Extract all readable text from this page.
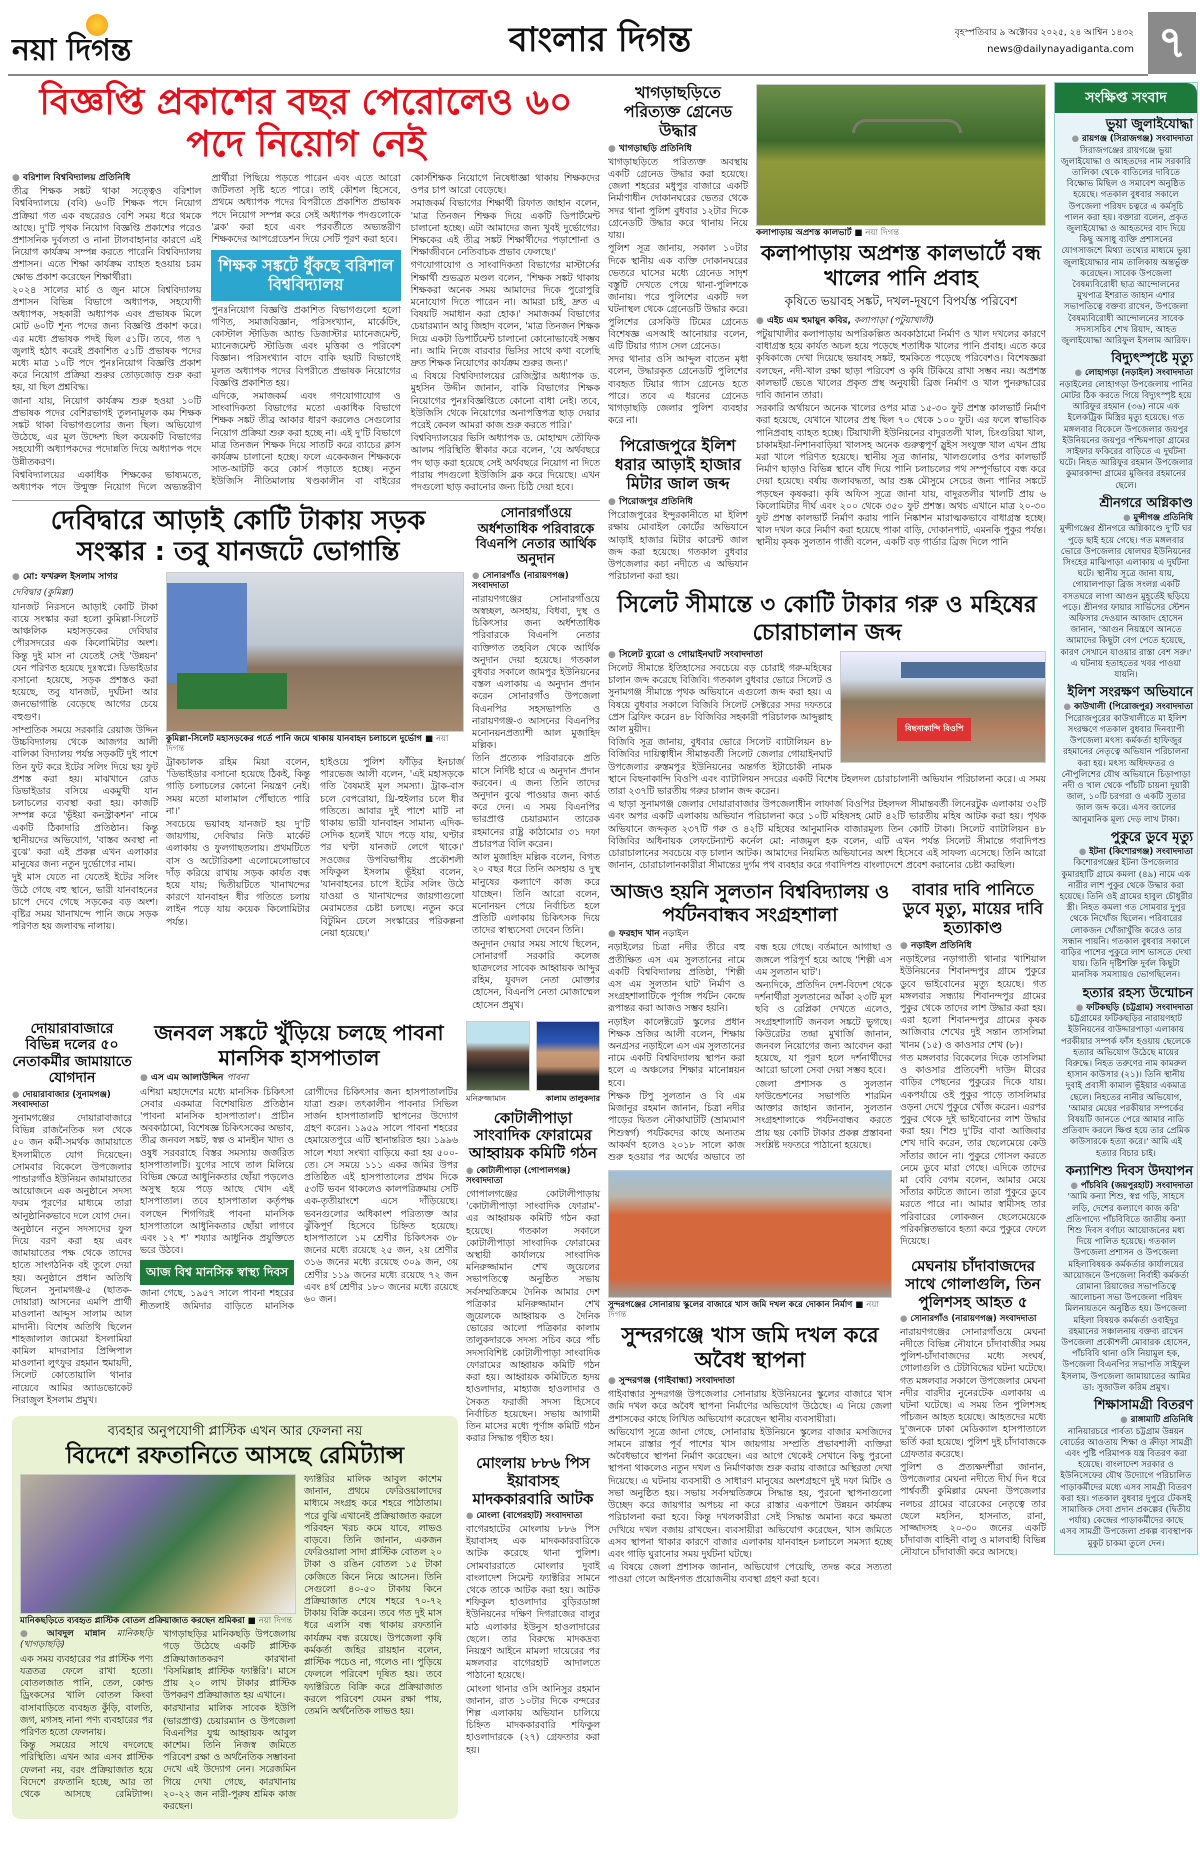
নয়া দিগন্ত	বাংলার দিগন্ত	বৃহস্পতিবার ৯ অক্টোবর ২০২৫, ২৪ আশ্বিন ১৪৩২
news@dailynayadiganta.com ৭
বিজ্ঞপ্তি প্রকাশের বছর পেরোলেও ৬০ পদে নিয়োগ নেই
● বরিশাল বিশ্ববিদ্যালয় প্রতিনিধি

তীব্র শিক্ষক সঙ্কট থাকা সত্ত্বেও বরিশাল বিশ্ববিদ্যালয়ে (ববি) ৬০টি শিক্ষক পদে নিয়োগ প্রক্রিয়া গত এক বছরেরও বেশি সময় ধরে থমকে আছে। দু'টি পৃথক নিয়োগ বিজ্ঞপ্তি প্রকাশের পরেও প্রশাসনিক দুর্বলতা ও নানা টালবাহানার কারণে এই নিয়োগ কার্যক্রম সম্পন্ন করতে পারেনি বিশ্ববিদ্যালয় প্রশাসন। এতে শিক্ষা কার্যক্রম ব্যাহত হওয়ায় চরম ক্ষোভ প্রকাশ করেছেন শিক্ষার্থীরা।

২০২৪ সালের মার্চ ও জুন মাসে বিশ্ববিদ্যালয় প্রশাসন বিভিন্ন বিভাগে অধ্যাপক, সহযোগী অধ্যাপক, সহকারী অধ্যাপক এবং প্রভাষক মিলে মোট ৬০টি শূন্য পদের জন্য বিজ্ঞপ্তি প্রকাশ করে। এর মধ্যে প্রভাষক পদই ছিল ৫১টি। তবে, গত ৭ জুলাই হঠাৎ করেই প্রকাশিত ৫১টি প্রভাষক পদের মধ্যে মাত্র ১০টি পদে পুনঃনিয়োগ বিজ্ঞপ্তি প্রকাশ করে নিয়োগ প্রক্রিয়া শুরুর তোড়জোড় শুরু করা হয়, যা ছিল প্রশ্নবিদ্ধ।

জানা যায়, নিয়োগ কার্যক্রম শুরু হওয়া ১০টি প্রভাষক পদের বেশিরভাগই তুলনামূলক কম শিক্ষক সঙ্কট থাকা বিভাগগুলোর জন্য ছিল। অভিযোগ উঠেছে, এর মূল উদ্দেশ্য ছিল কয়েকটি বিভাগের সহযোগী অধ্যাপকদের পদোন্নতি দিয়ে অধ্যাপক পদে উন্নীতকরণ।

বিশ্ববিদ্যালয়ের একাধিক শিক্ষকের ভাষ্যমতে, অধ্যাপক পদে উন্মুক্ত নিয়োগ দিলে অভ্যন্তরীণ প্রার্থীরা পিছিয়ে পড়তে পারেন এবং এতে আরো জটিলতা সৃষ্টি হতে পারে। তাই কৌশল হিসেবে, প্রথমে অধ্যাপক পদের বিপরীতে প্রকাশিত প্রভাষক পদে নিয়োগ সম্পন্ন করে সেই অধ্যাপক পদগুলোকে 'ব্লক' করা হবে এবং পরবর্তীতে অভ্যন্তরীণ শিক্ষকদের আপগ্রেডেশন দিয়ে সেটি পূরণ করা হবে।

শিক্ষক সঙ্কটে ধুঁকছে বরিশাল বিশ্ববিদ্যালয়

পুনঃনিয়োগ বিজ্ঞপ্তি প্রকাশিত বিভাগগুলো হলো গণিত, সমাজবিজ্ঞান, পরিসংখ্যান, মার্কেটিং, কোস্টাল স্টাডিজ অ্যান্ড ডিজাস্টার ম্যানেজমেন্ট, ম্যানেজমেন্ট স্টাডিজ এবং মৃত্তিকা ও পরিবেশ বিজ্ঞান। পরিসংখ্যান বাদে বাকি ছয়টি বিভাগেই মূলত অধ্যাপক পদের বিপরীতে প্রভাষক নিয়োগের বিজ্ঞপ্তি প্রকাশিত হয়।

এদিকে, সমাজকর্ম এবং গণযোগাযোগ ও সাংবাদিকতা বিভাগের মতো একাধিক বিভাগে শিক্ষক সঙ্কট তীব্র আকার ধারণ করলেও সেগুলোর নিয়োগ প্রক্রিয়া শুরু করা হচ্ছে না। এই দু'টি বিভাগে মাত্র তিনজন শিক্ষক দিয়ে সাতটি করে ব্যাচের ক্লাস কার্যক্রম চালানো হচ্ছে। ফলে একেকজন শিক্ষককে সাত-আটটি করে কোর্স পড়াতে হচ্ছে। নতুন ইউজিসি নীতিমালায় খণ্ডকালীন বা বাইরের কোর্সশিক্ষক নিয়োগে নিষেধাজ্ঞা থাকায় শিক্ষকদের ওপর চাপ আরো বেড়েছে।

সমাজকর্ম বিভাগের শিক্ষার্থী রিফাত জাহান বলেন, 'মাত্র তিনজন শিক্ষক দিয়ে একটি ডিপার্টমেন্ট চালানো হচ্ছে। এটা আমাদের জন্য খুবই দুর্ভোগের। শিক্ষকের এই তীব্র সঙ্কট শিক্ষার্থীদের পড়াশোনা ও শিক্ষাজীবনে নেতিবাচক প্রভাব ফেলছে।'

গণযোগাযোগ ও সাংবাদিকতা বিভাগের মাস্টার্সের শিক্ষার্থী শুভব্রত মণ্ডল বলেন, 'শিক্ষক সঙ্কট থাকায় শিক্ষকরা অনেক সময় আমাদের দিকে পুরোপুরি মনোযোগ দিতে পারেন না। আমরা চাই, দ্রুত এ বিষয়টি সমাধান করা হোক।' সমাজকর্ম বিভাগের চেয়ারম্যান আবু জিহাদ বলেন, 'মাত্র তিনজন শিক্ষক দিয়ে একটা ডিপার্টমেন্ট চালানো কোনোভাবেই সম্ভব না। আমি নিজে বারবার ভিসির সাথে কথা বলেছি দ্রুত শিক্ষক নিয়োগের কার্যক্রম শুরুর জন্য।'

এ বিষয়ে বিশ্ববিদ্যালয়ের রেজিস্ট্রার অধ্যাপক ড. মুহসিন উদ্দীন জানান, বাকি বিভাগের শিক্ষক নিয়োগের পুনঃবিজ্ঞপ্তিতে কোনো বাধা নেই। তবে, ইউজিসি থেকে নিয়োগের অনাপত্তিপত্র ছাড় দেয়ার পরেই কেবল আমরা কাজ শুরু করতে পারি।'

বিশ্ববিদ্যালয়ের ভিসি অধ্যাপক ড. মোহাম্মদ তৌফিক আলম পরিস্থিতি স্বীকার করে বলেন, 'যে অর্থবছরে পদ ছাড় করা হয়েছে সেই অর্থবছরে নিয়োগ না দিতে পারায় পদগুলো ইউজিসি ব্লক করে দিয়েছে। এখন পদগুলো ছাড় করানোর জন্য চিঠি দেয়া হবে।

দেবিদ্বারে আড়াই কোটি টাকায় সড়ক সংস্কার : তবু যানজটে ভোগান্তি
● মো: ফখরুল ইসলাম সাগর
দেবিদ্বার (কুমিল্লা)

যানজট নিরসনে আড়াই কোটি টাকা ব্যয়ে সংস্কার করা হলো কুমিল্লা-সিলেট আঞ্চলিক মহাসড়কের দেবিদ্বার পৌরসদরের এক কিলোমিটার অংশ। কিন্তু দুই মাস না যেতেই সেই 'উন্নয়ন' যেন পরিণত হয়েছে দুঃস্বপ্নে। ডিভাইডার বসানো হয়েছে, সড়ক প্রশস্তও করা হয়েছে, তবু যানজট, দুর্ঘটনা আর জনভোগান্তি বেড়েছে আগের চেয়ে বহুগুণ।

সাম্প্রতিক সময়ে সরকারি রেয়াজ উদ্দিন উচ্চবিদ্যালয় থেকে আজগর আলী বালিকা বিদ্যালয় পর্যন্ত সড়কটি দুই পাশে তিন ফুট করে ইটের সলিং দিয়ে ছয় ফুট প্রশস্ত করা হয়। মাঝখানে রোড ডিভাইডার বসিয়ে একমুখী যান চলাচলের ব্যবস্থা করা হয়। কাজটি সম্পন্ন করে 'ভূঁইয়া কনস্ট্রাকশন' নামে একটি ঠিকাদারি প্রতিষ্ঠান। কিন্তু স্থানীয়দের অভিযোগ, 'বাস্তব অবস্থা না বুঝে' করা এই প্রকল্প এখন এলাকার মানুষের জন্য নতুন দুর্ভোগের নাম।

দুই মাস যেতে না যেতেই ইটের সলিং উঠে গেছে বহু স্থানে, ভারী যানবাহনের চাপে দেবে গেছে সড়কের বড় অংশ। বৃষ্টির সময় খানাখন্দে পানি জমে সড়ক পরিণত হয় জলাবদ্ধ নালায়।

কুমিল্লা-সিলেট মহাসড়কের গর্তে পানি জমে থাকায় যানবাহন চলাচলে দুর্ভোগ ■ নয়া দিগন্ত

ট্রাকচালক রহিম মিয়া বলেন, 'ডিভাইডার বসানো হয়েছে ঠিকই, কিন্তু গাড়ি চলাচলের কোনো নিয়ন্ত্রণ নেই। সময় মতো মালামাল পৌঁছাতে পারি না।'

সবচেয়ে ভয়াবহ যানজট হয় দু'টি জায়গায়, দেবিদ্বার নিউ মার্কেট এলাকায় ও ফুলগাছতলায়। প্রথমটিতে বাস ও অটোরিকশা এলোমেলোভাবে দাঁড় করিয়ে রাখায় সড়ক কার্যত বন্ধ হয়ে যায়; দ্বিতীয়টিতে খানাখন্দের কারণে যানবাহন ধীর গতিতে চলায় লাইন পড়ে যায় কয়েক কিলোমিটার পর্যন্ত।

হাইওয়ে পুলিশ ফাঁড়ির ইনচার্জ পারভেজ আলী বলেন, 'এই মহাসড়কে গতি বৈষম্যই মূল সমস্যা। ট্রাক-বাস চলে বেপরোয়া, থ্রি-হুইলার চলে ধীর গতিতে। আবার দুই পাশে মাটি না থাকায় ভারী যানবাহন সামান্য এদিক-সেদিক হলেই খাদে পড়ে যায়, ঘণ্টার পর ঘণ্টা যানজট লেগে থাকে।' সওজের উপবিভাগীয় প্রকৌশলী সফিকুল ইসলাম ভূঁইয়া বলেন, 'যানবাহনের চাপে ইটের সলিং উঠে যাওয়া ও খানাখন্দের জায়গাগুলো মেরামতের চেষ্টা চলছে। নতুন করে বিটুমিন ঢেলে সংস্কারের পরিকল্পনা নেয়া হয়েছে।'

সোনারগাঁওয়ে অর্ধশতাধিক পরিবারকে বিএনপি নেতার আর্থিক অনুদান
● সোনারগাঁও (নারায়ণগঞ্জ) সংবাদদাতা

নারায়ণগঞ্জের সোনারগাঁওয়ে অস্বচ্ছল, অসহায়, বিধবা, দুস্থ ও চিকিৎসার জন্য অর্ধশতাধিক পরিবারকে বিএনপি নেতার ব্যক্তিগত তহবিল থেকে আর্থিক অনুদান দেয়া হয়েছে। গতকাল বুধবার সকালে জামপুর ইউনিয়নের বস্তল এলাকায় এ অনুদান প্রদান করেন সোনারগাঁও উপজেলা বিএনপির সহসভাপতি ও নারায়ণগঞ্জ-৩ আসনের বিএনপির মনোনয়নপ্রত্যাশী আল মুজাহিদ মল্লিক।

তিনি প্রত্যেক পরিবারকে প্রতি মাসে নির্দিষ্ট হারে এ অনুদান প্রদান করবেন। এ জন্য তিনি তাদের অনুদান বুঝে পাওয়ার জন্য কার্ড করে দেন। এ সময় বিএনপির ভারপ্রাপ্ত চেয়ারম্যান তারেক রহমানের রাষ্ট্র কাঠামোর ৩১ দফা প্রচারপত্র বিলি করেন।

আল মুজাহিদ মল্লিক বলেন, বিগত ২০ বছর ধরে তিনি অসহায় ও দুস্থ মানুষের কল্যাণে কাজ করে যাচ্ছেন। তিনি আরো বলেন, মনোনয়ন পেয়ে নির্বাচিত হলে প্রতিটি এলাকায় চিকিৎসক দিয়ে তাদের স্বাস্থ্যসেবা দেবেন তিনি।

অনুদান দেয়ার সময় সাথে ছিলেন, সোনারগাঁ সরকারি কলেজ ছাত্রদলের সাবেক আহ্বায়ক আব্দুর রহিম, যুবদল নেতা মোক্তার হোসেন, বিএনপি নেতা মোজাম্মেল হোসেন প্রমুখ।

দোয়ারাবাজারে বিভিন্ন দলের ৫০ নেতাকর্মীর জামায়াতে যোগদান
● দোয়ারাবাজার (সুনামগঞ্জ) সংবাদদাতা

সুনামগঞ্জের দোয়ারাবাজারে বিভিন্ন রাজনৈতিক দল থেকে ৫০ জন কর্মী-সমর্থক জামায়াতে ইসলামীতে যোগ দিয়েছেন। সোমবার বিকেলে উপজেলার পান্ডারগাঁও ইউনিয়ন জামায়াতের আয়োজনে এক অনুষ্ঠানে সদস্য ফরম পূরণের মাধ্যমে তারা আনুষ্ঠানিকভাবে দলে যোগ দেন।

অনুষ্ঠানে নতুন সদস্যদের ফুল দিয়ে বরণ করা হয় এবং জামায়াতের পক্ষ থেকে তাদের হাতে সাংগঠনিক বই তুলে দেয়া হয়। অনুষ্ঠানে প্রধান অতিথি ছিলেন সুনামগঞ্জ-৫ (ছাতক-দোয়ারা) আসনের এমপি প্রার্থী মাওলানা আব্দুস সালাম আল মাদানী। বিশেষ অতিথি ছিলেন শাহজালাল জামেয়া ইসলামিয়া কামিল মাদরাসার প্রিন্সিপাল মাওলানা লুৎফুর রহমান হুমায়দী, সিলেট কোতোয়ালি থানার নায়েবে আমির অ্যাডভোকেট সিরাজুল ইসলাম প্রমুখ।

জনবল সঙ্কটে খুঁড়িয়ে চলছে পাবনা মানসিক হাসপাতাল
● এস এম আলাউদ্দিন পাবনা

এশিয়া মহাদেশের মধ্যে মানসিক চিকিৎসা সেবার একমাত্র বিশেষায়িত প্রতিষ্ঠান 'পাবনা মানসিক হাসপাতাল'। প্রাচীন অবকাঠামো, বিশেষজ্ঞ চিকিৎসকের অভাব, তীব্র জনবল সঙ্কট, স্বল্প ও মানহীন খাদ্য ও ওষুধ সরবরাহে বিস্তর সমস্যায় জর্জরিত হাসপাতালটি। যুগের সাথে তাল মিলিয়ে বিভিন্ন ক্ষেত্রে আধুনিকতার ছোঁয়া পড়লেও অসুস্থ হয়ে পড়ে আছে খোদ এই হাসপাতাল। তবে হাসপাতাল কর্তৃপক্ষ বলছেন শিগগিরই পাবনা মানসিক হাসপাতালে আধুনিকতার ছোঁয়া লাগবে এবং ১২ শ' শয্যার আধুনিক প্রযুক্তিতে ভরে উঠবে।

আজ বিশ্ব মানসিক স্বাস্থ্য দিবস

জানা গেছে, ১৯৫৭ সালে পাবনা শহরের শীতলাই জমিদার বাড়িতে মানসিক রোগীদের চিকিৎসার জন্য হাসপাতালটির যাত্রা শুরু। তৎকালীন পাবনার সিভিল সার্জন হাসপাতালটি স্থাপনের উদ্যোগ গ্রহণ করেন। ১৯৫৯ সালে পাবনা শহরের হেমায়েতপুরে এটি স্থানান্তরিত হয়। ১৯৯৬ সালে শয্যা সংখ্যা বাড়িয়ে করা হয় ৫০০-তে। সে সময়ে ১১১ একর জমির উপর প্রতিষ্ঠিত এই হাসপাতালের প্রথম দিকে ৫৩টি ভবন থাকলেও কালপরিক্রমায় সেটি এক-তৃতীয়াংশে এসে দাঁড়িয়েছে। ভবনগুলোর অধিকাংশ পরিত্যক্ত আর ঝুঁকিপূর্ণ হিসেবে চিহ্নিত হয়েছে। হাসপাতালে ১ম শ্রেণীর চিকিৎসক ৩৮ জনের মধ্যে রয়েছে ২৫ জন, ২য় শ্রেণীর ৩১৬ জনের মধ্যে রয়েছে ৩০৯ জন, ৩য় শ্রেণীর ১১৯ জনের মধ্যে রয়েছে ৭২ জন এবং ৪র্থ শ্রেণীর ১৮০ জনের মধ্যে রয়েছে ৬০ জন।

ব্যবহার অনুপযোগী প্লাস্টিক এখন আর ফেলনা নয়
বিদেশে রফতানিতে আসছে রেমিট্যান্স
মানিকছড়িতে ব্যবহৃত প্লাস্টিক বোতল প্রক্রিয়াজাত করছেন শ্রমিকরা ■ নয়া দিগন্ত
● আবদুল মান্নান মানিকছড়ি (খাগড়াছড়ি)

এক সময় ব্যবহারের পর প্লাস্টিক পণ্য যত্রতত্র ফেলে রাখা হতো। বোতলজাত পানি, তেল, কোল্ড ড্রিংকসের খালি বোতল কিংবা বাসাবাড়িতে ব্যবহৃত কুঁড়ি, বালতি, জগ, মগসহ নানা পণ্য ব্যবহারের পর পরিণত হতো ফেলনায়।

কিন্তু সময়ের সাথে বদলেছে পরিস্থিতি। এখন আর এসব প্লাস্টিক ফেলনা নয়, বরং প্রক্রিয়াজাত হয়ে বিদেশে রফতানি হচ্ছে, আর তা থেকে আসছে রেমিট্যান্স। খাগড়াছড়ির মানিকছড়ি উপজেলায় গড়ে উঠেছে একটি প্লাস্টিক প্রক্রিয়াজাতকরণ কারখানা 'বিসমিল্লাহ প্লাস্টিক ফ্যাক্টরি'। মাসে প্রায় ২০ লাখ টাকার প্লাস্টিক উপকরণ প্রক্রিয়াজাত হয় এখানে।

কারখানার মালিক সাবেক ইউপি (ভারপ্রাপ্ত) চেয়ারম্যান ও উপজেলা বিএনপির যুগ্ম আহ্বায়ক আবুল কাশেম। তিনি নিজস্ব জমিতে পরিবেশ রক্ষা ও অর্থনৈতিক সম্ভাবনা দেখে এই উদ্যোগ নেন। সরেজমিন গিয়ে দেখা গেছে, কারখানায় ২০-২২ জন নারী-পুরুষ শ্রমিক কাজ করছেন।

ফ্যাক্টরির মালিক আবুল কাশেম জানান, প্রথমে ফেরিওয়ালাদের মাধ্যমে সংগ্রহ করে শহরে পাঠাতাম। পরে বুঝি এখানেই প্রক্রিয়াজাত করলে পরিবহন খরচ কমে যাবে, লাভও বাড়বে। তিনি জানান, একজন ফেরিওয়ালা সাদা প্লাস্টিক বোতল ২০ টাকা ও রঙিন বোতল ১৫ টাকা কেজিতে কিনে নিয়ে আসেন। তিনি সেগুলো ৪০-৫০ টাকায় কিনে প্রক্রিয়াজাত শেষে শহরে ৭০-৭২ টাকায় বিক্রি করেন। তবে গত দুই মাস ধরে এলসি বন্ধ থাকায় রফতানি কার্যক্রম বন্ধ রয়েছে। উপজেলা কৃষি কর্মকর্তা জহির রায়হান বলেন, প্লাস্টিক পচেও না, গলেও না। পুড়িয়ে ফেললে পরিবেশ দূষিত হয়। তবে ফ্যাক্টরিতে বিক্রি করে প্রক্রিয়াজাত করলে পরিবেশ যেমন রক্ষা পায়, তেমনি অর্থনৈতিক লাভও হয়।

মনিরুজ্জামান	কালাম তালুকদার
কোটালীপাড়া সাংবাদিক ফোরামের আহ্বায়ক কমিটি গঠন
● কোটালীপাড়া (গোপালগঞ্জ) সংবাদদাতা

গোপালগঞ্জের কোটালীপাড়ায় 'কোটালীপাড়া সাংবাদিক ফোরাম'-এর আহ্বায়ক কমিটি গঠন করা হয়েছে। গতকাল সকালে কোটালীপাড়া সাংবাদিক ফোরামের অস্থায়ী কার্যালয়ে সাংবাদিক মনিরুজ্জামান শেখ জুয়েলের সভাপতিত্বে অনুষ্ঠিত সভায় সর্বসম্মতিক্রমে দৈনিক আমার দেশ পত্রিকার মনিরুজ্জামান শেখ জুয়েলকে আহ্বায়ক ও দৈনিক ভোরের আলো পত্রিকার কালাম তালুকদারকে সদস্য সচিব করে পাঁচ সদস্যবিশিষ্ট কোটালীপাড়া সাংবাদিক ফোরামের আহ্বায়ক কমিটি গঠন করা হয়। আহ্বায়ক কমিটিতে হৃদয় হাওলাদার, মাহ্যাজ হাওলাদার ও সৈকত ফরাজী সদস্য হিসেবে নির্বাচিত হয়েছেন। সভায় আগামী তিন মাসের মধ্যে পূর্ণাঙ্গ কমিটি গঠন করার সিদ্ধান্ত গৃহীত হয়।

মোংলায় ৮৮৬ পিস ইয়াবাসহ মাদককারবারি আটক
● মোংলা (বাগেরহাট) সংবাদদাতা

বাগেরহাটের মোংলায় ৮৮৬ পিস ইয়াবাসহ এক মাদককারবারিকে আটক করেছে থানা পুলিশ। সোমবাররাতে মোংলার দুবাই বাংলাদেশ সিমেন্ট ফ্যাক্টরির সামনে থেকে তাকে আটক করা হয়। আটক শফিকুল হাওলাদার বুড়িরডাঙ্গা ইউনিয়নের দক্ষিণ দিগরাজের বালুর মাঠ এলাকার ইউনুস হাওলাদারের ছেলে। তার বিরুদ্ধে মাদকদ্রব্য নিয়ন্ত্রণ আইনে মামলা দায়েরের পর মঙ্গলবার বাগেরহাট আদালতে পাঠানো হয়েছে।

মোংলা থানার ওসি আনিসুর রহমান জানান, রাত ১০টার দিকে বন্দরের শিল্প এলাকায় অভিযান চালিয়ে চিহ্নিত মাদককারবারি শফিকুল হাওলাদারকে (২৭) গ্রেফতার করা হয়।

খাগড়াছড়িতে পরিত্যক্ত গ্রেনেড উদ্ধার
● খাগড়াছড়ি প্রতিনিধি

খাগড়াছড়িতে পরিত্যক্ত অবস্থায় একটি গ্রেনেড উদ্ধার করা হয়েছে। জেলা শহরের মধুপুর বাজারে একটি নির্মাণাধীন দোকানঘরের ভেতর থেকে সদর থানা পুলিশ বুধবার ১২টার দিকে গ্রেনেডটি উদ্ধার করে থানায় নিয়ে যায়।

পুলিশ সূত্র জানায়, সকাল ১০টার দিকে স্থানীয় এক ব্যক্তি দোকানঘরের ভেতরে ঘাসের মধ্যে গ্রেনেড সাদৃশ বস্তুটি দেখতে পেয়ে থানা-পুলিশকে জানায়। পরে পুলিশের একটি দল ঘটনাস্থল থেকে গ্রেনেডটি উদ্ধার করে। পুলিশের রেসকিউ টিমের গ্রেনেড বিশেষজ্ঞ এসআই আনোয়ার বলেন, এটি টিয়ার গ্যাস সেল গ্রেনেড।

সদর থানার ওসি আব্দুল বাতেন মৃধা বলেন, উদ্ধারকৃত গ্রেনেডটি পুলিশের ব্যবহৃত টিয়ার গ্যাস গ্রেনেড হতে পারে। তবে এ ধরনের গ্রেনেড খাগড়াছড়ি জেলার পুলিশ ব্যবহার করে না।

পিরোজপুরে ইলিশ ধরার আড়াই হাজার মিটার জাল জব্দ
● পিরোজপুর প্রতিনিধি

পিরোজপুরের ইন্দুরকানীতে মা ইলিশ রক্ষায় মোবাইল কোর্টের অভিযানে আড়াই হাজার মিটার কারেন্ট জাল জব্দ করা হয়েছে। গতকাল বুধবার উপজেলার কচা নদীতে এ অভিযান পরিচালনা করা হয়।

কলাপাড়ায় অপ্রশস্ত কালভার্ট ■ নয়া দিগন্ত
কলাপাড়ায় অপ্রশস্ত কালভার্টে বন্ধ খালের পানি প্রবাহ
কৃষিতে ভয়াবহ সঙ্কট, দখল-দূষণে বিপর্যস্ত পরিবেশ
● এইচ এম হুমায়ুন কবির, কলাপাড়া (পটুয়াখালী)

পটুয়াখালীর কলাপাড়ায় অপরিকল্পিত অবকাঠামো নির্মাণ ও খাল দখলের কারণে বাধাগ্রস্ত হয়ে কার্যত অচল হয়ে পড়েছে শতাধিক খালের পানি প্রবাহ। এতে করে কৃষিকাজে দেখা দিয়েছে ভয়াবহ সঙ্কট, হুমকিতে পড়েছে পরিবেশও। বিশেষজ্ঞরা বলছেন, নদী-খাল রক্ষা ছাড়া পরিবেশ ও কৃষি টিকিয়ে রাখা সম্ভব নয়। অপ্রশস্ত কালভার্ট ভেঙে খালের প্রকৃত প্রস্থ অনুযায়ী ব্রিজ নির্মাণ ও খাল পুনরুদ্ধারের দাবি জানান তারা।

সরকারি অর্থায়নে অনেক খালের ওপর মাত্র ১৫-৩০ ফুট প্রশস্ত কালভার্ট নির্মাণ করা হয়েছে, যেখানে খালের প্রস্থ ছিল ৭০ থেকে ১০০ ফুট। এর ফলে স্বাভাবিক পানিপ্রবাহ ব্যাহত হচ্ছে। টিয়াখালী ইউনিয়নের বাদুরতলী খাল, চিংগুরিয়া খাল, চাকামইয়া-নিশানবাড়িয়া খালসহ অনেক গুরুত্বপূর্ণ স্লুইস সংযুক্ত খাল এখন প্রায় মরা খালে পরিণত হয়েছে। স্থানীয় সূত্র জানায়, খালগুলোর ওপর কালভার্ট নির্মাণ ছাড়াও বিভিন্ন স্থানে বাঁধ দিয়ে পানি চলাচলের পথ সম্পূর্ণভাবে বন্ধ করে দেয়া হয়েছে। বর্ষায় জলাবদ্ধতা, আর শুষ্ক মৌসুমে সেচের জন্য পানির সঙ্কটে পড়ছেন কৃষকরা। কৃষি অফিস সূত্রে জানা যায়, বাদুরতলীর খালটি প্রায় ৬ কিলোমিটার দীর্ঘ এবং ২০০ থেকে ৩৫০ ফুট প্রশস্ত। অথচ এখানে মাত্র ২০-৩০ ফুট প্রশস্ত কালভার্ট নির্মাণ করায় পানি নিষ্কাশন মারাত্মকভাবে বাধাগ্রস্ত হচ্ছে। খাল দখল করে নির্মাণ করা হয়েছে পাকা বাড়ি, দোকানপাট, এমনকি পুকুর পর্যন্ত। স্থানীয় কৃষক সুলতান গাজী বলেন, একটি বড় গার্ডার ব্রিজ দিলে পানি

সিলেট সীমান্তে ৩ কোটি টাকার গরু ও মহিষের চোরাচালান জব্দ
বিছনাকান্দি বিওপি
● সিলেট ব্যুরো ও গোয়াইনঘাট সংবাদদাতা

সিলেট সীমান্তে ইতিহাসের সবচেয়ে বড় চোরাই গরু-মহিষের চালান জব্দ করেছে বিজিবি। গতকাল বুধবার ভোরে সিলেট ও সুনামগঞ্জ সীমান্তে পৃথক অভিযানে এগুলো জব্দ করা হয়। এ বিষয়ে বুধবার সকালে বিজিবি সিলেট সেক্টরের সদর দফতরে প্রেস ব্রিফিং করেন ৪৮ বিজিবির সহকারী পরিচালক আব্দুল্লাহ আল মুয়ীদ।

বিজিবি সূত্র জানায়, বুধবার ভোরে সিলেট ব্যাটালিয়ন ৪৮ বিজিবির দায়িত্বাধীন সীমান্তবর্তী সিলেট জেলার গোয়াইনঘাট উপজেলার রুস্তমপুর ইউনিয়নের অন্তর্গত ইটাচোকী নামক স্থানে বিছনাকান্দি বিওপি এবং ব্যাটালিয়ন সদরের একটি বিশেষ টহলদল চোরাচালানী অভিযান পরিচালনা করে। এ সময় তারা ২৩৭টি ভারতীয় গরুর চালান জব্দ করেন।

এ ছাড়া সুনামগঞ্জ জেলার দোয়ারাবাজার উপজেলাধীন লাফার্জ বিওপির টহলদল সীমান্তবর্তী লিনেরটুক এলাকায় ৩২টি এবং অপর একটি এলাকায় অভিযান পরিচালনা করে ১০টি মহিষসহ মোট ৪২টি ভারতীয় মহিষ আটক করা হয়। পৃথক অভিযানে জব্দকৃত ২৩৭টি গরু ও ৪২টি মহিষের আনুমানিক বাজারমূল্য তিন কোটি টাকা। সিলেট ব্যাটালিয়ন ৪৮ বিজিবির অধিনায়ক লেফটেন্যান্ট কর্নেল মো: নাজমুল হক বলেন, এটি এখন পর্যন্ত সিলেট সীমান্তে গবাদিপশু চোরাচালানের সবচেয়ে বড় চালান আটক। আমাদের নিয়মিত অভিযানের অংশ হিসেবে এই সাফল্য এসেছে। তিনি আরো জানান, চোরাচালানকারীরা সীমান্তের দুর্গম পথ ব্যবহার করে গবাদিপশু বাংলাদেশে প্রবেশ করানোর চেষ্টা করছিল।

আজও হয়নি সুলতান বিশ্ববিদ্যালয় ও পর্যটনবান্ধব সংগ্রহশালা
● ফরহাদ খান নড়াইল

নড়াইলের চিত্রা নদীর তীরে বহু প্রতীক্ষিত এস এম সুলতানের নামে একটি বিশ্ববিদ্যালয় প্রতিষ্ঠা, 'শিল্পী এস এম সুলতান ঘাট' নির্মাণ ও সংগ্রহশালাটিকে পূর্ণাঙ্গ পর্যটন কেন্দ্রে রূপান্তর করা আজও সম্ভব হয়নি।

নড়াইল কালেক্টরেট স্কুলের প্রধান শিক্ষক ভ্রজির আলী বলেন, শিক্ষায় অনগ্রসর নড়াইলে এস এম সুলতানের নামে একটি বিশ্ববিদ্যালয় স্থাপন করা হলে এ অঞ্চলের শিক্ষার মানোন্নয়ন হবে।

শিক্ষক টিপু সুলতান ও বি এম মিজানুর রহমান জানান, চিত্রা নদীর পাড়ের দ্বিতল নৌকাঘাটটি (ভ্রাম্যমাণ শিশুস্বর্গ) পর্যটকদের কাছে অন্যতম আকর্ষণ হলেও ২০১৮ সালে কাজ শুরু হওয়ার পর অর্থের অভাবে তা বন্ধ হয়ে গেছে। বর্তমানে আগাছা ও জঙ্গলে পরিপূর্ণ হয়ে আছে 'শিল্পী এস এম সুলতান ঘাট'।

অন্যদিকে, প্রতিদিন দেশ-বিদেশ থেকে দর্শনার্থীরা সুলতানের আঁকা ২৩টি মূল ছবি ও রেপ্লিকা দেখতে এলেও, সংগ্রহশালাটি জনবল সঙ্কটে ভুগছে। কিউরেটর তন্দ্রা মুখার্জি জানান, জনবল নিয়োগের জন্য আবেদন করা হয়েছে, যা পূরণ হলে দর্শনার্থীদের আরো ভালো সেবা দেয়া সম্ভব হবে।

জেলা প্রশাসক ও সুলতান ফাউন্ডেশনের সভাপতি শারমিন আক্তার জাহান জানান, সুলতান সংগ্রহশালাকে পর্যটনবান্ধব করতে প্রায় ছয় কোটি টাকার প্রকল্প প্রস্তাবনা সংশ্লিষ্ট দফতরে পাঠানো হয়েছে।

সুন্দরগঞ্জের সোনারায় স্কুলের বাজারে খাস জমি দখল করে দোকান নির্মাণ ■ নয়া দিগন্ত
সুন্দরগঞ্জে খাস জমি দখল করে অবৈধ স্থাপনা
● সুন্দরগঞ্জ (গাইবান্ধা) সংবাদদাতা

গাইবান্ধার সুন্দরগঞ্জ উপজেলার সোনারায় ইউনিয়নের স্কুলের বাজারে খাস জমি দখল করে অবৈধ স্থাপনা নির্মাণের অভিযোগ উঠেছে। এ নিয়ে জেলা প্রশাসকের কাছে লিখিত অভিযোগ করেছেন স্থানীয় ব্যবসায়ীরা।

অভিযোগ সূত্রে জানা গেছে, সোনারায় ইউনিয়নে স্কুলের বাজার মসজিদের সামনে রাস্তার পূর্ব পাশের খাস জায়গায় সম্প্রতি প্রভাবশালী ব্যক্তিরা অবৈধভাবে স্থাপনা নির্মাণ করেছেন। এর আগে থেকেই সেখানে কিছু পুরনো স্থাপনা থাকলেও নতুন দখল ও নির্মাণকাজ শুরু করায় বাজারে অস্থিরতা দেখা দিয়েছে। এ ঘটনায় ব্যবসায়ী ও সাধারণ মানুষের অংশগ্রহণে দুই দফা মিটিং ও সভা অনুষ্ঠিত হয়। সভায় সর্বসম্মতিক্রমে সিদ্ধান্ত হয়, পুরনো স্থাপনাগুলো উচ্ছেদ করে জায়গার অপচয় না করে রাস্তার একপাশে উন্নয়ন কার্যক্রম পরিচালনা করা হবে। কিন্তু দখলকারীরা সেই সিদ্ধান্ত অমান্য করে ক্ষমতা দেখিয়ে দখল বজায় রাখছেন। ব্যবসায়ীরা অভিযোগ করেছেন, খাস জমিতে এসব স্থাপনা থাকার কারণে বাজার এলাকায় যানবাহন চলাচলে সমস্যা হচ্ছে এবং গাড়ি ঘুরানোর সময় দুর্ঘটনা ঘটছে।

এ বিষয়ে জেলা প্রশাসক জানান, অভিযোগ পেয়েছি, তদন্ত করে সত্যতা পাওয়া গেলে আইনগত প্রয়োজনীয় ব্যবস্থা গ্রহণ করা হবে।

বাবার দাবি পানিতে ডুবে মৃত্যু, মায়ের দাবি হত্যাকাণ্ড
● নড়াইল প্রতিনিধি

নড়াইলের নড়াগাতী থানার খাশিয়াল ইউনিয়নের শিবানন্দপুর গ্রামে পুকুরে ডুবে ভাইবোনের মৃত্যু হয়েছে। গত মঙ্গলবার সন্ধ্যায় শিবানন্দপুর গ্রামের পুকুর থেকে তাদের লাশ উদ্ধার করা হয়। এরা হলো শিবানন্দপুর গ্রামের কৃষক আজিবার শেখের দুই সন্তান তাসলিমা খানম (১৫) ও কাওসার শেখ (৮)।

গত মঙ্গলবার বিকেলের দিকে তাসলিমা ও কাওসার প্রতিবেশী দাউদ মীরের বাড়ির পেছনের পুকুরের দিকে যায়। একপর্যায়ে ওই পুকুর পাড়ে তাসলিমার ওড়না দেখে পুকুরে খোঁজ করেন। এরপর পুকুর থেকে দুই ভাইবোনের লাশ উদ্ধার করা হয়। শিশু দু'টির বাবা আজিবার শেখ দাবি করেন, তার ছেলেমেয়ে কেউ সাঁতার জানে না। পুকুরে গোসল করতে নেমে ডুবে মারা গেছে। এদিকে তাদের মা বেবি বেগম বলেন, আমার মেয়ে সাঁতার কাটতে জানে। তারা পুকুরে ডুবে মরতে পারে না। আমার স্বামীসহ তার পরিবারের লোকজন ছেলেমেয়েকে পরিকল্পিতভাবে হত্যা করে পুকুরে ফেলে দিয়েছে।

মেঘনায় চাঁদাবাজদের সাথে গোলাগুলি, তিন পুলিশসহ আহত ৫
● সোনারগাঁও (নারায়ণগঞ্জ) সংবাদদাতা

নারায়ণগঞ্জের সোনারগাঁওয়ে মেঘনা নদীতে বিভিন্ন নৌযানে চাঁদাবাজীর সময় পুলিশ-চাঁদাবাজদের মধ্যে সংঘর্ষ, গোলাগুলি ও টেটাবিদ্ধের ঘটনা ঘটেছে। গত মঙ্গলবার সকালে উপজেলার মেঘনা নদীর বারদীর নুনেরটেক এলাকায় এ ঘটনা ঘটেছে। এ সময় তিন পুলিশসহ পাঁচজন আহত হয়েছে। আহতদের মধ্যে দু'জনকে ঢাকা মেডিক্যাল হাসপাতালে ভর্তি করা হয়েছে। পুলিশ দুই চাঁদাবাজকে গ্রেফতার করেছে।

পুলিশ ও প্রত্যক্ষদর্শীরা জানান, উপজেলার মেঘনা নদীতে দীর্ঘ দিন ধরে পার্শ্ববর্তী কুমিল্লার মেঘনা উপজেলার নলচর গ্রামের বারেকের নেতৃত্বে তার ছেলে মহসিন, হাসনাত, রানা, সাজ্জাদসহ ২০-৩০ জনের একটি চাঁদাবাজ বাহিনী বালু ও মালবাহী বিভিন্ন নৌযানে চাঁদাবাজী করে আসছে।

সংক্ষিপ্ত সংবাদ
ভুয়া জুলাইযোদ্ধা
● রায়গঞ্জ (সিরাজগঞ্জ) সংবাদদাতা
সিরাজগঞ্জের রায়গঞ্জে ভুয়া জুলাইযোদ্ধা ও আহতদের নাম সরকারি তালিকা থেকে বাতিলের দাবিতে বিক্ষোভ মিছিল ও সমাবেশ অনুষ্ঠিত হয়েছে। গতকাল বুধবার সকালে উপজেলা পরিষদ চত্বরে এ কর্মসূচি পালন করা হয়। বক্তারা বলেন, প্রকৃত জুলাইযোদ্ধা ও আহতদের বাদ দিয়ে কিছু অসাধু ব্যক্তি প্রশাসনের যোগসাজশে মিথ্যা তথ্যের মাধ্যমে ভুয়া জুলাইযোদ্ধার নাম তালিকায় অন্তর্ভুক্ত করেছেন। সাবেক উপজেলা বৈষম্যবিরোধী ছাত্র আন্দোলনের মুখপাত্র ইশরাত জাহান এশার সভাপতিত্বে বক্তব্য রাখেন, উপজেলা বৈষম্যবিরোধী আন্দোলনের সাবেক সদস্যসচিব শেখ রিয়াদ, আহত জুলাইযোদ্ধা আরিফুল ইসলাম আরিফ।
বিদ্যুৎস্পৃষ্টে মৃত্যু
● লোহাগড়া (নড়াইল) সংবাদদাতা
নড়াইলের লোহাগড়া উপজেলায় পানির মোটর ঠিক করতে গিয়ে বিদ্যুৎস্পৃষ্ট হয়ে আরিফুর রহমান (৩৬) নামে এক ইলেকট্রিক মিস্ত্রির মৃত্যু হয়েছে। গত মঙ্গলবার বিকেলে উপজেলার জয়পুর ইউনিয়নের জয়পুর পশ্চিমপাড়া গ্রামের সাইফার ফকিরের বাড়িতে এ দুর্ঘটনা ঘটে। নিহত আরিফুর রহমান উপজেলার কুমারকান্দা গ্রামের মুজিবর রহমানের ছেলে।
শ্রীনগরে অগ্নিকাণ্ড
● মুন্সীগঞ্জ প্রতিনিধি
মুন্সীগঞ্জের শ্রীনগরে অগ্নিকাণ্ডে দু'টি ঘর পুড়ে ছাই হয়ে গেছে। গত মঙ্গলবার ভোরে উপজেলার ষোলঘর ইউনিয়নের সিংহের মাঝিপাড়া এলাকায় এ দুর্ঘটনা ঘটে। স্থানীয় সূত্রে জানা যায়, গোয়ালপাড়া ব্রিজ সংলগ্ন একটি বসতঘরে লাগা আগুন মুহূর্তেই ছড়িয়ে পড়ে। শ্রীনগর ফায়ার সার্ভিসের স্টেশন অফিসার দেওয়ান আজাদ হোসেন জানান, 'আগুন নিয়ন্ত্রণে আনতে আমাদের কিছুটা বেগ পেতে হয়েছে, কারণ সেখানে যাওয়ার রাস্তা বেশ সরু।' এ ঘটনায় হতাহতের খবর পাওয়া যায়নি।
ইলিশ সংরক্ষণ অভিযানে
● কাউখালী (পিরোজপুর) সংবাদদাতা
পিরোজপুরের কাউখালীতে মা ইলিশ সংরক্ষণে গতকাল বুধবার দিনব্যাপী উপজেলা মৎস্য কর্মকর্তা হাফিজুর রহমানের নেতৃত্বে অভিযান পরিচালনা করা হয়। মৎস্য অধিদফতর ও নৌপুলিশের যৌথ অভিযানে চিড়াপাড়া নদী ও খাল থেকে পাঁচটি চায়না দুয়ারী জাল, ১০টি চরগরা ও একটি সুতার জাল জব্দ করে। এসব জালের আনুমানিক মূল্য দেড় লাখ টাকা।
পুকুরে ডুবে মৃত্যু
● ইটনা (কিশোরগঞ্জ) সংবাদদাতা
কিশোরগঞ্জের ইটনা উপজেলার কুমারহাটি গ্রামে কমলা (৪৯) নামে এক নারীর লাশ পুকুর থেকে উদ্ধার করা হয়েছে। তিনি ওই গ্রামের হাবুল চৌধুরীর স্ত্রী। নিহত কমলা গত সোমবার দুপুর থেকে নিখোঁজ ছিলেন। পরিবারের লোকজন খোঁজাখুঁজি করেও তার সন্ধান পায়নি। গতকাল বুধবার সকালে বাড়ির পাশের পুকুরে লাশ ভাসতে দেখা যায়। তিনি দৃষ্টিশক্তি দুর্বল কিছুটা মানসিক সমস্যায়ও ভোগছিলেন।
হত্যার রহস্য উন্মোচন
● ফটিকছড়ি (চট্টগ্রাম) সংবাদদাতা
চট্টগ্রামের ফটিকছড়ির নারায়ণহাট ইউনিয়নের বাউদ্দারপাড়া এলাকায় পরকীয়ার সম্পর্ক ফাঁস হওয়ায় ছেলেকে হত্যার অভিযোগ উঠেছে মায়ের বিরুদ্ধে। নিহত তরুণের নাম কামরুল হাসান কাউসার (২১)। তিনি স্থানীয় দুবাই প্রবাসী কামাল ভূঁইয়ার একমাত্র ছেলে। নিহতের নানীর অভিযোগ, 'আমার মেয়ের পরকীয়ার সম্পর্কের বিষয়টি জানতে পেরে আমার নাতি প্রতিবাদ করলে ক্ষিপ্ত হয়ে তার প্রেমিক কাউসারকে হত্যা করে।' আমি এই হত্যার বিচার চাই।
কন্যাশিশু দিবস উদযাপন
● পাঁচবিবি (জয়পুরহাট) সংবাদদাতা
'আমি কন্যা শিশু, স্বপ্ন গড়ি, সাহসে লড়ি, দেশের কল্যাণে কাজ করি' প্রতিপাদ্যে পাঁচবিবিতে জাতীয় কন্যা শিশু দিবস বর্ণাঢ্য আয়োজনের মধ্য দিয়ে পালিত হয়েছে। গতকাল উপজেলা প্রশাসন ও উপজেলা মহিলাবিষয়ক কর্মকর্তার কার্যালয়ের আয়োজনে উপজেলা নির্বাহী কর্মকর্তা রোমানা রিয়াজের সভাপতিত্বে আলোচনা সভা উপজেলা পরিষদ মিলনায়তনে অনুষ্ঠিত হয়। উপজেলা মহিলা বিষয়ক কর্মকর্তা ওবাইদুর রহমানের সঞ্চালনায় বক্তব্য রাখেন উপজেলা প্রকৌশলী মোবারক হোসেন, পাঁচবিবি থানা ওসি নিয়ামুল হক, উপজেলা বিএনপির সভাপতি সাইফুল ইসলাম, উপজেলা জামায়াতের আমির ডা: সুজাউল করিম প্রমুখ।
শিক্ষাসামগ্রী বিতরণ
● রাঙ্গামাটি প্রতিনিধি
নানিয়ারচরে পার্বত্য চট্টগ্রাম উন্নয়ন বোর্ডের আওতায় শিক্ষা ও ক্রীড়া সামগ্রী এবং পুষ্টি পরিমাপক যন্ত্র বিতরণ করা হয়েছে। বাংলাদেশ সরকার ও ইউনিসেফের যৌথ উদ্যোগে পরিচালিত পাড়াকর্মীদের মধ্যে এসব সামগ্রী বিতরণ করা হয়। গতকাল বুধবার দুপুরে টেকসই সামাজিক সেবা প্রদান প্রকল্পের (দ্বিতীয় পর্যায়) কেন্দ্রের পাড়াকর্মীদের কাছে এসব সামগ্রী উপজেলা প্রকল্প ব্যবস্থাপক মুকুট চাকমা তুলে দেন।
